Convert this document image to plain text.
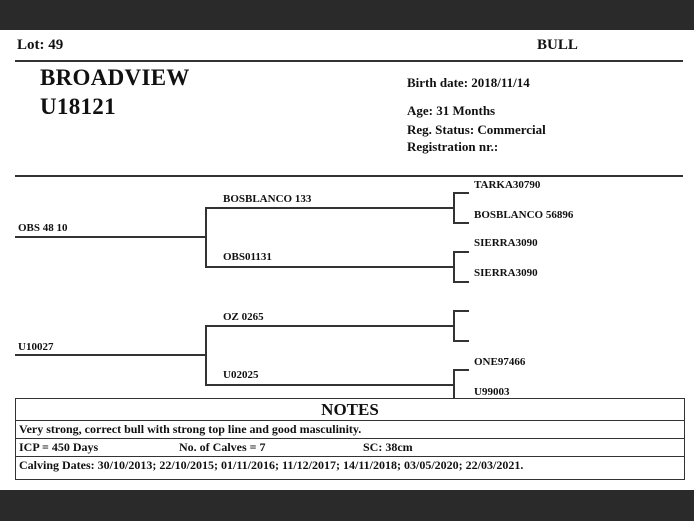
Lot: 49	BULL
BROADVIEW
U18121
Birth date: 2018/11/14
Age: 31 Months
Reg. Status: Commercial
Registration nr.:
OBS 48 10
U10027
BOSBLANCO 133
OBS01131
OZ 0265
U02025
TARKA30790
BOSBLANCO 56896
SIERRA3090
SIERRA3090
ONE97466
U99003
NOTES
Very strong, correct bull with strong top line and good masculinity.
ICP = 450 Days	No. of Calves = 7	SC: 38cm
Calving Dates: 30/10/2013; 22/10/2015; 01/11/2016; 11/12/2017; 14/11/2018; 03/05/2020; 22/03/2021.
